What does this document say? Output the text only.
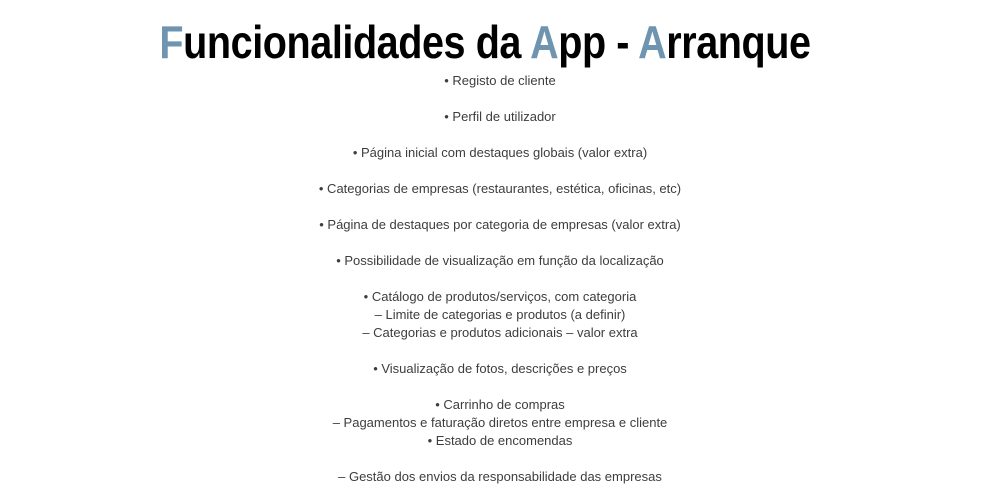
Funcionalidades da App - Arranque

• Registo de cliente

• Perfil de utilizador

• Página inicial com destaques globais (valor extra)

• Categorias de empresas (restaurantes, estética, oficinas, etc)

• Página de destaques por categoria de empresas (valor extra)

• Possibilidade de visualização em função da localização

• Catálogo de produtos/serviços, com categoria
– Limite de categorias e produtos (a definir)
– Categorias e produtos adicionais – valor extra

• Visualização de fotos, descrições e preços

• Carrinho de compras
– Pagamentos e faturação diretos entre empresa e cliente
• Estado de encomendas

– Gestão dos envios da responsabilidade das empresas
